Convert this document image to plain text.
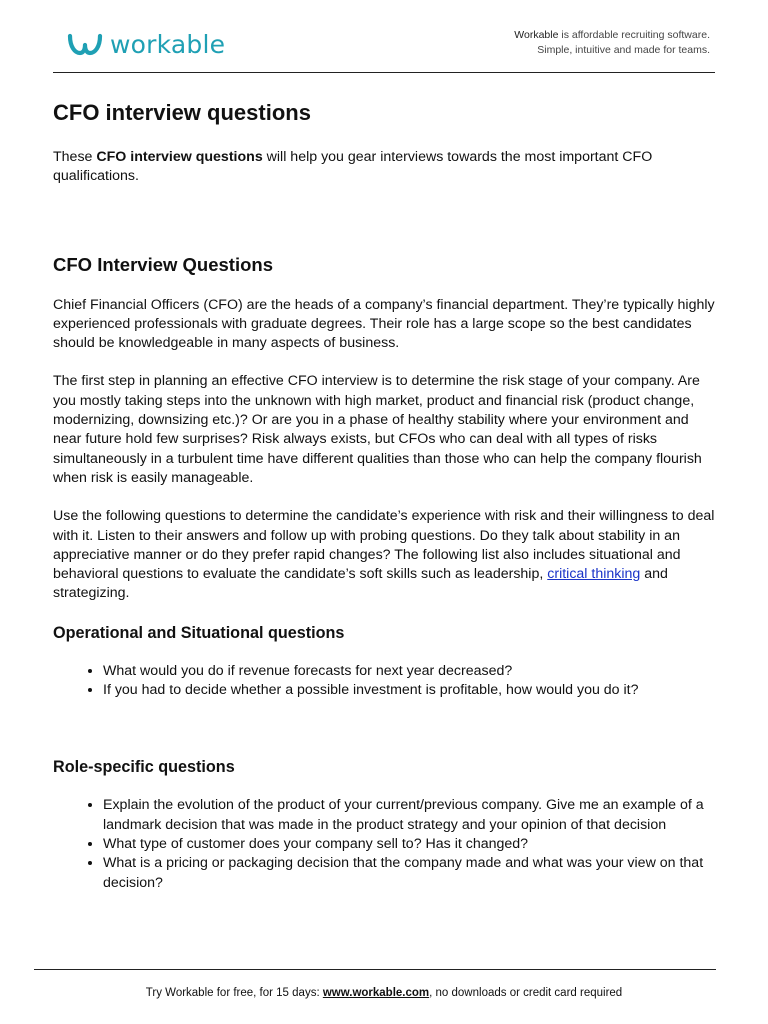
workable	Workable is affordable recruiting software.
Simple, intuitive and made for teams.
CFO interview questions

These CFO interview questions will help you gear interviews towards the most important CFO qualifications.

CFO Interview Questions

Chief Financial Officers (CFO) are the heads of a company’s financial department. They’re typically highly experienced professionals with graduate degrees. Their role has a large scope so the best candidates should be knowledgeable in many aspects of business.

The first step in planning an effective CFO interview is to determine the risk stage of your company. Are you mostly taking steps into the unknown with high market, product and financial risk (product change, modernizing, downsizing etc.)? Or are you in a phase of healthy stability where your environment and near future hold few surprises? Risk always exists, but CFOs who can deal with all types of risks simultaneously in a turbulent time have different qualities than those who can help the company flourish when risk is easily manageable.

Use the following questions to determine the candidate’s experience with risk and their willingness to deal with it. Listen to their answers and follow up with probing questions. Do they talk about stability in an appreciative manner or do they prefer rapid changes? The following list also includes situational and behavioral questions to evaluate the candidate’s soft skills such as leadership, critical thinking and strategizing.

Operational and Situational questions
• What would you do if revenue forecasts for next year decreased?
• If you had to decide whether a possible investment is profitable, how would you do it?
Role-specific questions
• Explain the evolution of the product of your current/previous company. Give me an example of a landmark decision that was made in the product strategy and your opinion of that decision
• What type of customer does your company sell to? Has it changed?
• What is a pricing or packaging decision that the company made and what was your view on that decision?
Try Workable for free, for 15 days: www.workable.com, no downloads or credit card required
